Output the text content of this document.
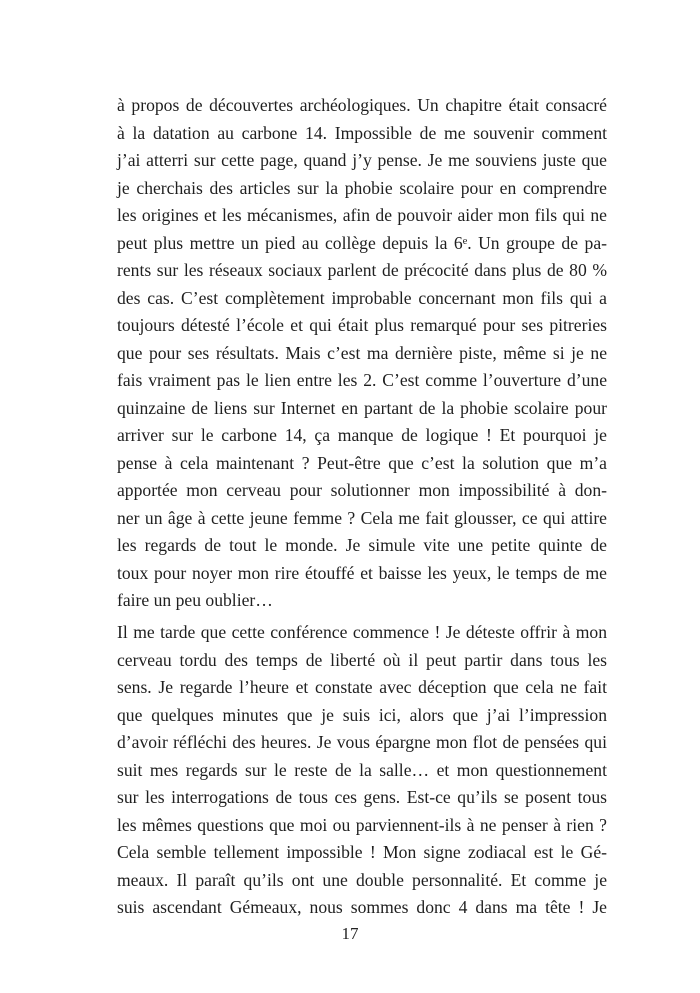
à propos de découvertes archéologiques. Un chapitre était consacré
à la datation au carbone 14. Impossible de me souvenir comment
j’ai atterri sur cette page, quand j’y pense. Je me souviens juste que
je cherchais des articles sur la phobie scolaire pour en comprendre
les origines et les mécanismes, afin de pouvoir aider mon fils qui ne
peut plus mettre un pied au collège depuis la 6ᵉ. Un groupe de pa-
rents sur les réseaux sociaux parlent de précocité dans plus de 80 %
des cas. C’est complètement improbable concernant mon fils qui a
toujours détesté l’école et qui était plus remarqué pour ses pitreries
que pour ses résultats. Mais c’est ma dernière piste, même si je ne
fais vraiment pas le lien entre les 2. C’est comme l’ouverture d’une
quinzaine de liens sur Internet en partant de la phobie scolaire pour
arriver sur le carbone 14, ça manque de logique ! Et pourquoi je
pense à cela maintenant ? Peut-être que c’est la solution que m’a
apportée mon cerveau pour solutionner mon impossibilité à don-
ner un âge à cette jeune femme ? Cela me fait glousser, ce qui attire
les regards de tout le monde. Je simule vite une petite quinte de
toux pour noyer mon rire étouffé et baisse les yeux, le temps de me
faire un peu oublier…
Il me tarde que cette conférence commence ! Je déteste offrir à mon
cerveau tordu des temps de liberté où il peut partir dans tous les
sens. Je regarde l’heure et constate avec déception que cela ne fait
que quelques minutes que je suis ici, alors que j’ai l’impression
d’avoir réfléchi des heures. Je vous épargne mon flot de pensées qui
suit mes regards sur le reste de la salle… et mon questionnement
sur les interrogations de tous ces gens. Est-ce qu’ils se posent tous
les mêmes questions que moi ou parviennent-ils à ne penser à rien ?
Cela semble tellement impossible ! Mon signe zodiacal est le Gé-
meaux. Il paraît qu’ils ont une double personnalité. Et comme je
suis ascendant Gémeaux, nous sommes donc 4 dans ma tête ! Je
17
